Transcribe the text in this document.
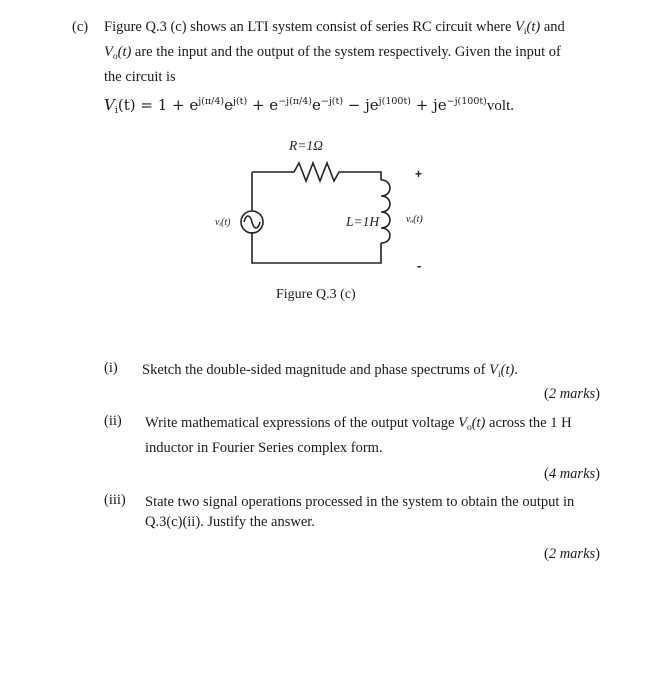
(c) Figure Q.3 (c) shows an LTI system consist of series RC circuit where $V_i(t)$ and
$V_o(t)$ are the input and the output of the system respectively. Given the input of
the circuit is
$V_i(t) = 1 + e^{j(\pi/4)}e^{j(t)} + e^{-j(\pi/4)}e^{-j(t)} - je^{j(100t)}$ + $je^{-j(100t)}volt$.
R=1Ω
L=1H
vᵢ(t)	vₒ(t)
+
-
Figure Q.3 (c)
(i) Sketch the double-sided magnitude and phase spectrums of $V_i(t)$.
(2 marks)
(ii) Write mathematical expressions of the output voltage $V_o(t)$ across the 1 H
inductor in Fourier Series complex form.
(4 marks)
(iii) State two signal operations processed in the system to obtain the output in
Q.3(c)(ii). Justify the answer.
(2 marks)
